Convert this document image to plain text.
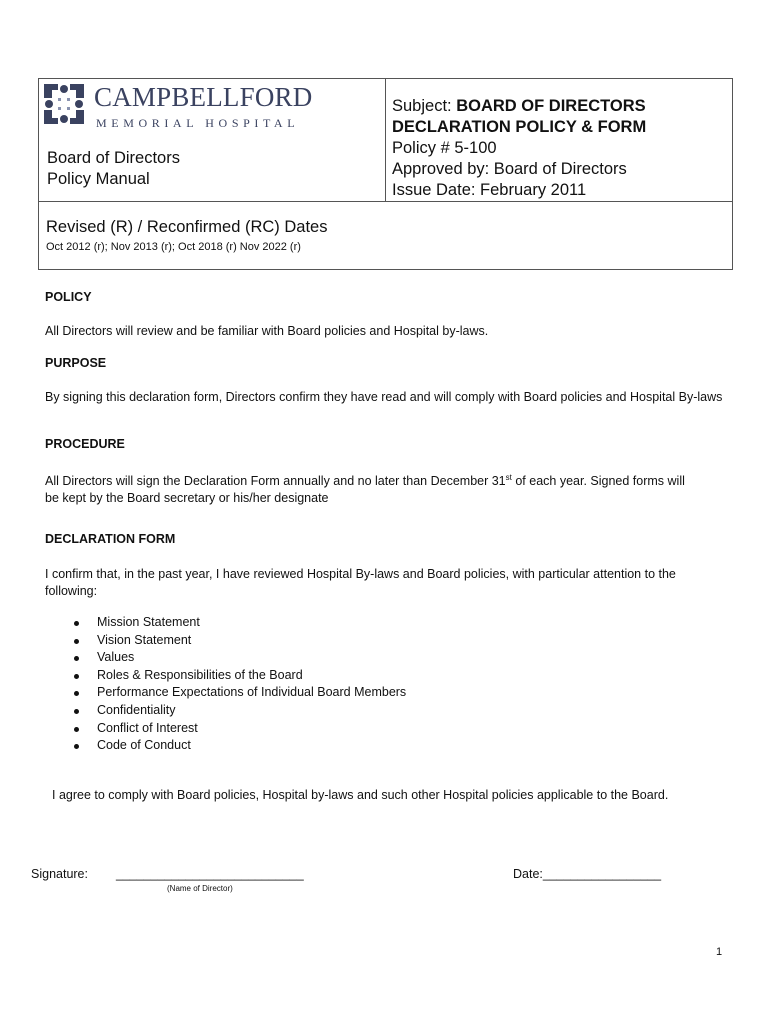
CAMPBELLFORD
MEMORIAL HOSPITAL
Board of Directors
Policy Manual
Subject: BOARD OF DIRECTORS
DECLARATION POLICY & FORM
Policy # 5-100
Approved by: Board of Directors
Issue Date: February 2011
Revised (R) / Reconfirmed (RC) Dates
Oct 2012 (r); Nov 2013 (r); Oct 2018 (r) Nov 2022 (r)
POLICY
All Directors will review and be familiar with Board policies and Hospital by-laws.
PURPOSE
By signing this declaration form, Directors confirm they have read and will comply with Board policies and Hospital By-laws
PROCEDURE
All Directors will sign the Declaration Form annually and no later than December 31st of each year. Signed forms will be kept by the Board secretary or his/her designate
DECLARATION FORM
I confirm that, in the past year, I have reviewed Hospital By-laws and Board policies, with particular attention to the following:
Mission Statement
Vision Statement
Values
Roles & Responsibilities of the Board
Performance Expectations of Individual Board Members
Confidentiality
Conflict of Interest
Code of Conduct
I agree to comply with Board policies, Hospital by-laws and such other Hospital policies applicable to the Board.
Signature: ___________________________
(Name of Director)
Date:_________________
1
